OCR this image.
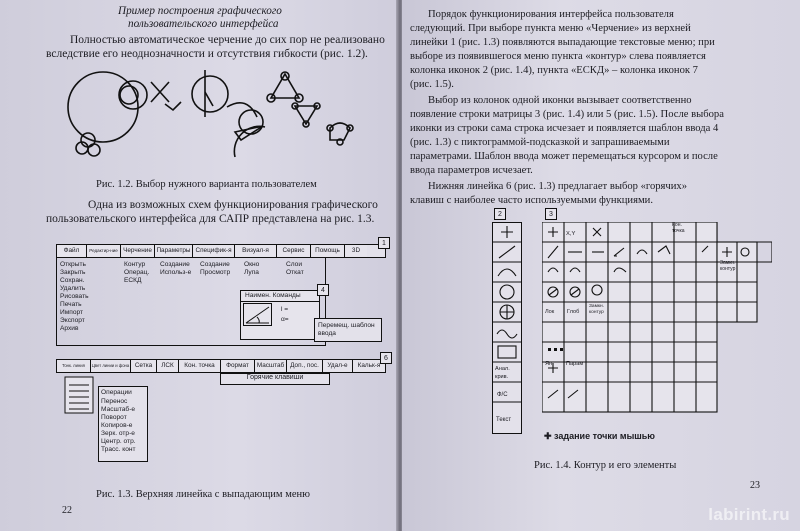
Пример построения графического
пользовательского интерфейса
Полностью автоматическое черчение до сих пор не реализовано
вследствие его неоднозначности и отсутствия гибкости (рис. 1.2).
Рис. 1.2. Выбор нужного варианта пользователем
Одна из возможных схем функционирования графического
пользовательского интерфейса для САПР представлена на рис. 1.3.
Файл	Редактир-ние Черчение Параметры Специфик-я	Визуал-я	Сервис	Помощь	3D
1
Открыть
Закрыть
Сохран.
Удалить
Рисовать
Печать
Импорт
Экспорт
Архив
Контур
Операц.
ЕСКД
Создание
Использ-е
Создание
Просмотр
Окно
Лупа
Слои
Откат
Наимен. Команды
l =
α=
4
Перемещ. шаблон ввода
Тонк. линия	Цвет линии и фона Сетка	ЛСК	Кон. точка	Формат	Масштаб Доп., пос.	Удал-е	Кальк-я
6
Горячие клавиши
Операции
Перенос
Масштаб-е
Поворот
Копиров-е
Зерк. отр-е
Центр. отр.
Трасс. конт
Рис. 1.3. Верхняя линейка с выпадающим меню
22
Порядок функционирования интерфейса пользователя
следующий. При выборе пункта меню «Черчение» из верхней
линейки 1 (рис. 1.3) появляются выпадающие текстовые меню; при
выборе из появившегося меню пункта «контур» слева появляется
колонка иконок 2 (рис. 1.4), пункта «ЕСКД» – колонка иконок 7
(рис. 1.5).
Выбор из колонок одной иконки вызывает соответственно
появление строки матрицы 3 (рис. 1.4) или 5 (рис. 1.5). После выбора
иконки из строки сама строка исчезает и появляется шаблон ввода 4
(рис. 1.3) с пиктограммой-подсказкой и запрашиваемыми
параметрами. Шаблон ввода может перемещаться курсором и после
ввода параметров исчезает.
Нижняя линейка 6 (рис. 1.3) предлагает выбор «горячих»
клавиш с наиболее часто используемыми функциями.
2	3
Анал. крив.
Ф/С
Текст
X,Y
Кон. точка
Замкн. контур
Лок Глоб
Замкн. контур
Ян. Парам
✚ задание точки мышью
Рис. 1.4. Контур и его элементы
23
labirint.ru
